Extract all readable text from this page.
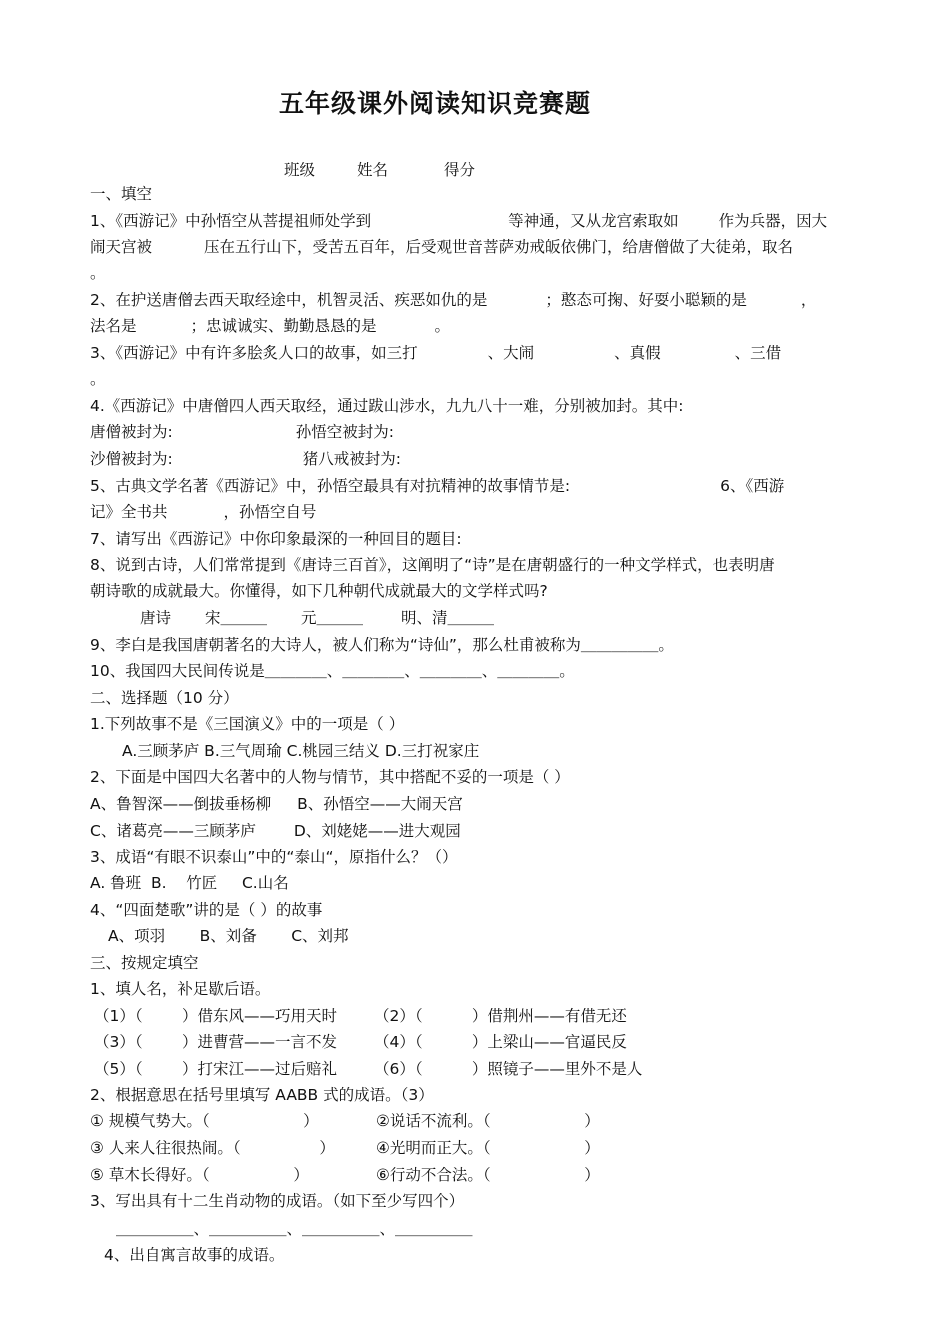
五年级课外阅读知识竞赛题
班级	姓名	得分
一、填空
1、《西游记》中孙悟空从菩提祖师处学到	等神通，又从龙宫索取如	作为兵器，因大
闹天宫被	压在五行山下，受苦五百年，后受观世音菩萨劝戒皈依佛门，给唐僧做了大徒弟，取名
。
2、在护送唐僧去西天取经途中，机智灵活、疾恶如仇的是	；憨态可掬、好耍小聪颖的是	，
法名是	；忠诚诚实、勤勤恳恳的是	。
3、《西游记》中有许多脍炙人口的故事，如三打	、大闹	、真假	、三借
。
4.《西游记》中唐僧四人西天取经，通过跋山涉水，九九八十一难，分别被加封。其中:
唐僧被封为:	孙悟空被封为:
沙僧被封为:	猪八戒被封为:
5、古典文学名著《西游记》中，孙悟空最具有对抗精神的故事情节是:	6、《西游
记》全书共	，孙悟空自号
7、请写出《西游记》中你印象最深的一种回目的题目:
8、说到古诗，人们常常提到《唐诗三百首》，这阐明了“诗”是在唐朝盛行的一种文学样式，也表明唐
朝诗歌的成就最大。你懂得，如下几种朝代成就最大的文学样式吗?
唐诗 宋＿＿＿ 元＿＿＿ 明、清＿＿＿
9、李白是我国唐朝著名的大诗人，被人们称为“诗仙”，那么杜甫被称为＿＿＿＿＿。
10、我国四大民间传说是＿＿＿＿、＿＿＿＿、＿＿＿＿、＿＿＿＿。
二、选择题（10 分）
1.下列故事不是《三国演义》中的一项是（ ）
A.三顾茅庐 B.三气周瑜 C.桃园三结义 D.三打祝家庄
2、下面是中国四大名著中的人物与情节，其中搭配不妥的一项是（ ）
A、鲁智深——倒拔垂杨柳 B、孙悟空——大闹天宫
C、诸葛亮——三顾茅庐 D、刘姥姥——进大观园
3、成语“有眼不识泰山”中的“泰山“，原指什么？（）
A. 鲁班  B.    竹匠     C.山名
4、“四面楚歌”讲的是（ ）的故事
A、项羽       B、刘备       C、刘邦
三、按规定填空
1、填人名，补足歇后语。
（1）（        ）借东风——巧用天时	（2）（          ）借荆州——有借无还
（3）（        ）进曹营——一言不发	（4）（          ）上梁山——官逼民反
（5）（        ）打宋江——过后赔礼	（6）（          ）照镜子——里外不是人
2、根据意思在括号里填写 AABB 式的成语。（3）
① 规模气势大。（                   ）	②说话不流利。（                   ）
③ 人来人往很热闹。（                ）	④光明而正大。（                   ）
⑤ 草木长得好。（                 ）	⑥行动不合法。（                   ）
3、写出具有十二生肖动物的成语。（如下至少写四个）
＿＿＿＿＿、＿＿＿＿＿、＿＿＿＿＿、＿＿＿＿＿
4、出自寓言故事的成语。
